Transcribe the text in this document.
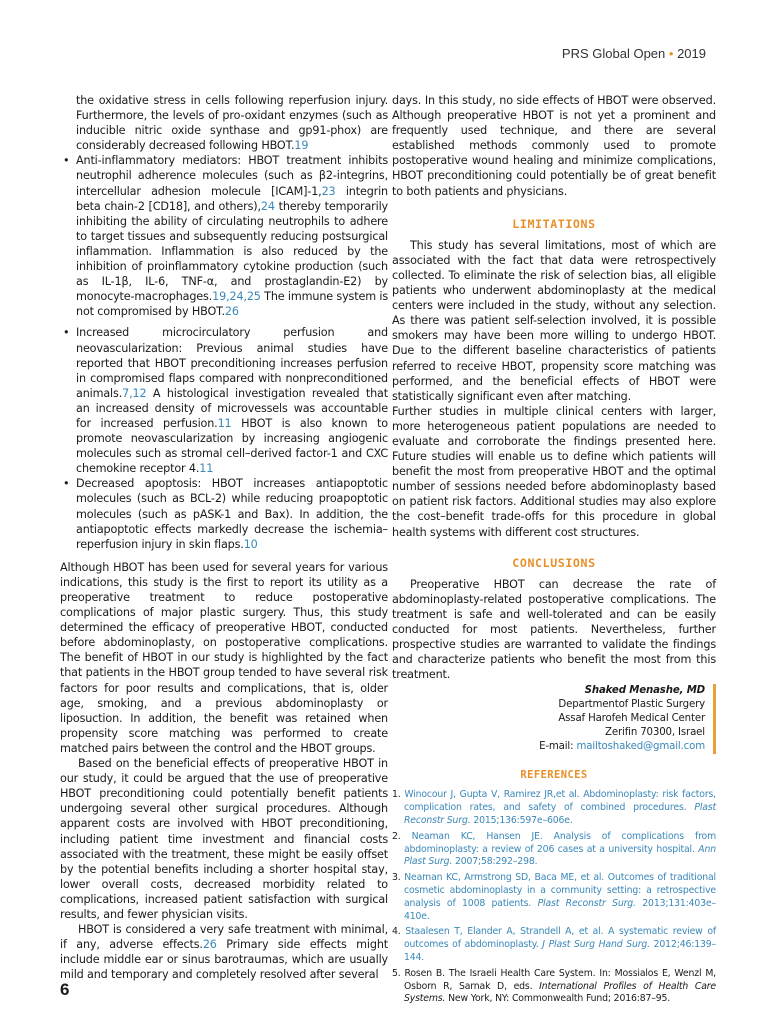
PRS Global Open • 2019

the oxidative stress in cells following reperfusion injury. Furthermore, the levels of pro-oxidant enzymes (such as inducible nitric oxide synthase and gp91-phox) are considerably decreased following HBOT.19

• Anti-inflammatory mediators: HBOT treatment inhibits neutrophil adherence molecules (such as β2-integrins, intercellular adhesion molecule [ICAM]-1,23 integrin beta chain-2 [CD18], and others),24 thereby temporarily inhibiting the ability of circulating neutrophils to adhere to target tissues and subsequently reducing postsurgical inflammation. Inflammation is also reduced by the inhibition of proinflammatory cytokine production (such as IL-1β, IL-6, TNF-α, and prostaglandin-E2) by monocyte-macrophages.19,24,25 The immune system is not compromised by HBOT.26
• Increased microcirculatory perfusion and neovascularization: Previous animal studies have reported that HBOT preconditioning increases perfusion in compromised flaps compared with nonpreconditioned animals.7,12 A histological investigation revealed that an increased density of microvessels was accountable for increased perfusion.11 HBOT is also known to promote neovascularization by increasing angiogenic molecules such as stromal cell–derived factor-1 and CXC chemokine receptor 4.11
• Decreased apoptosis: HBOT increases antiapoptotic molecules (such as BCL-2) while reducing proapoptotic molecules (such as pASK-1 and Bax). In addition, the antiapoptotic effects markedly decrease the ischemia–reperfusion injury in skin flaps.10

Although HBOT has been used for several years for various indications, this study is the first to report its utility as a preoperative treatment to reduce postoperative complications of major plastic surgery. Thus, this study determined the efficacy of preoperative HBOT, conducted before abdominoplasty, on postoperative complications. The benefit of HBOT in our study is highlighted by the fact that patients in the HBOT group tended to have several risk factors for poor results and complications, that is, older age, smoking, and a previous abdominoplasty or liposuction. In addition, the benefit was retained when propensity score matching was performed to create matched pairs between the control and the HBOT groups.

Based on the beneficial effects of preoperative HBOT in our study, it could be argued that the use of preoperative HBOT preconditioning could potentially benefit patients undergoing several other surgical procedures. Although apparent costs are involved with HBOT preconditioning, including patient time investment and financial costs associated with the treatment, these might be easily offset by the potential benefits including a shorter hospital stay, lower overall costs, decreased morbidity related to complications, increased patient satisfaction with surgical results, and fewer physician visits.

HBOT is considered a very safe treatment with minimal, if any, adverse effects.26 Primary side effects might include middle ear or sinus barotraumas, which are usually mild and temporary and completely resolved after several

days. In this study, no side effects of HBOT were observed. Although preoperative HBOT is not yet a prominent and frequently used technique, and there are several established methods commonly used to promote postoperative wound healing and minimize complications, HBOT preconditioning could potentially be of great benefit to both patients and physicians.

LIMITATIONS

This study has several limitations, most of which are associated with the fact that data were retrospectively collected. To eliminate the risk of selection bias, all eligible patients who underwent abdominoplasty at the medical centers were included in the study, without any selection. As there was patient self-selection involved, it is possible smokers may have been more willing to undergo HBOT. Due to the different baseline characteristics of patients referred to receive HBOT, propensity score matching was performed, and the beneficial effects of HBOT were statistically significant even after matching.

Further studies in multiple clinical centers with larger, more heterogeneous patient populations are needed to evaluate and corroborate the findings presented here. Future studies will enable us to define which patients will benefit the most from preoperative HBOT and the optimal number of sessions needed before abdominoplasty based on patient risk factors. Additional studies may also explore the cost–benefit trade-offs for this procedure in global health systems with different cost structures.

CONCLUSIONS

Preoperative HBOT can decrease the rate of abdominoplasty-related postoperative complications. The treatment is safe and well-tolerated and can be easily conducted for most patients. Nevertheless, further prospective studies are warranted to validate the findings and characterize patients who benefit the most from this treatment.

Shaked Menashe, MD
Departmentof Plastic Surgery
Assaf Harofeh Medical Center
Zerifin 70300, Israel
E-mail: mailtoshaked@gmail.com
REFERENCES
1. Winocour J, Gupta V, Ramirez JR,et al. Abdominoplasty: risk factors, complication rates, and safety of combined procedures. Plast Reconstr Surg. 2015;136:597e–606e.
2. Neaman KC, Hansen JE. Analysis of complications from abdominoplasty: a review of 206 cases at a university hospital. Ann Plast Surg. 2007;58:292–298.
3. Neaman KC, Armstrong SD, Baca ME, et al. Outcomes of traditional cosmetic abdominoplasty in a community setting: a retrospective analysis of 1008 patients. Plast Reconstr Surg. 2013;131:403e–410e.
4. Staalesen T, Elander A, Strandell A, et al. A systematic review of outcomes of abdominoplasty. J Plast Surg Hand Surg. 2012;46:139–144.
5. Rosen B. The Israeli Health Care System. In: Mossialos E, Wenzl M, Osborn R, Sarnak D, eds. International Profiles of Health Care Systems. New York, NY: Commonwealth Fund; 2016:87–95.
6
